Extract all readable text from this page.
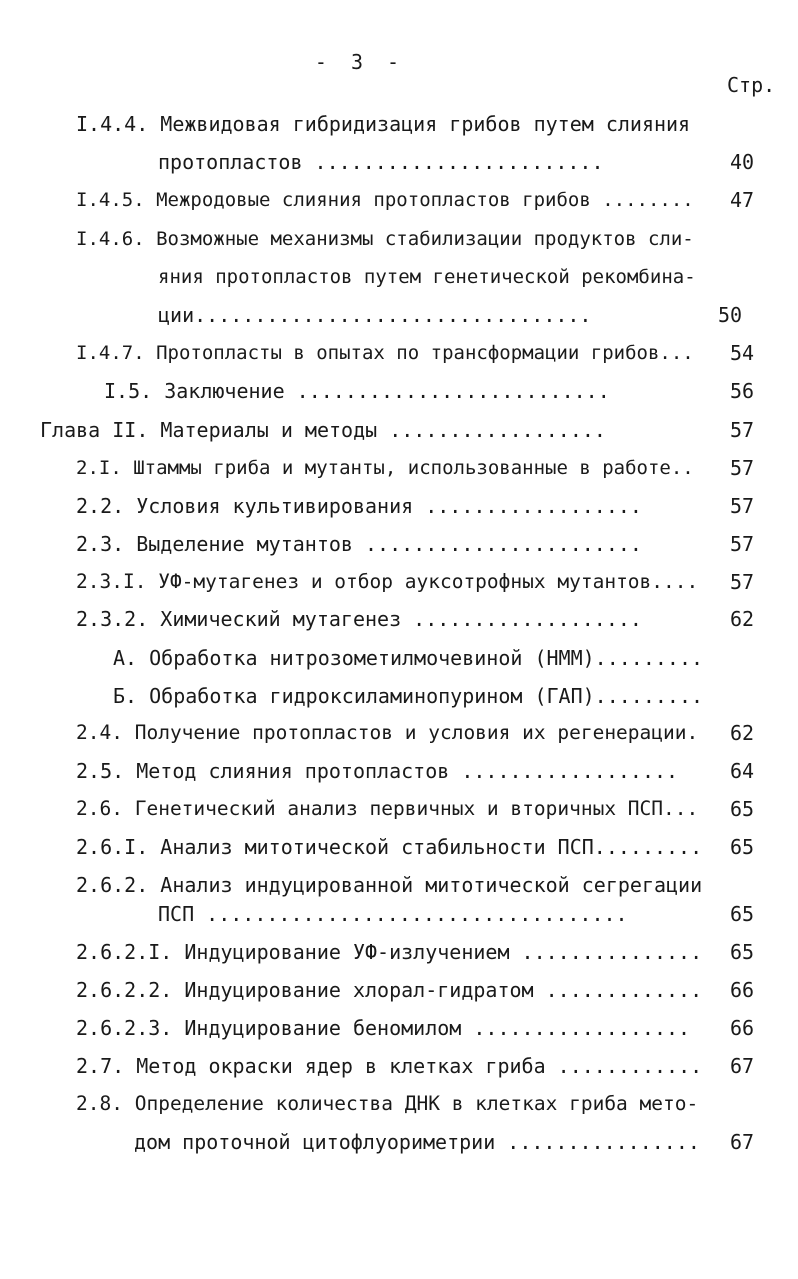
- 3 -
Стр.
I.4.4. Межвидовая гибридизация грибов путем слияния
протопластов ........................	40
I.4.5. Межродовые слияния протопластов грибов ........	47
I.4.6. Возможные механизмы стабилизации продуктов сли-
яния протопластов путем генетической рекомбина-
ции.................................	50
I.4.7. Протопласты в опытах по трансформации грибов...	54
I.5. Заключение ..........................	56
Глава II. Материалы и методы ..................	57
2.I. Штаммы гриба и мутанты, использованные в работе..	57
2.2. Условия культивирования ..................	57
2.3. Выделение мутантов .......................	57
2.3.I. УФ-мутагенез и отбор ауксотрофных мутантов....	57
2.3.2. Химический мутагенез ...................	62
А. Обработка нитрозометилмочевиной (НММ).........
Б. Обработка гидроксиламинопурином (ГАП).........
2.4. Получение протопластов и условия их регенерации.	62
2.5. Метод слияния протопластов ..................	64
2.6. Генетический анализ первичных и вторичных ПСП...	65
2.6.I. Анализ митотической стабильности ПСП.........	65
2.6.2. Анализ индуцированной митотической сегрегации
ПСП ...................................	65
2.6.2.I. Индуцирование УФ-излучением ...............	65
2.6.2.2. Индуцирование хлорал-гидратом .............	66
2.6.2.3. Индуцирование беномилом ..................	66
2.7. Метод окраски ядер в клетках гриба ............	67
2.8. Определение количества ДНК в клетках гриба мето-
дом проточной цитофлуориметрии ................	67
